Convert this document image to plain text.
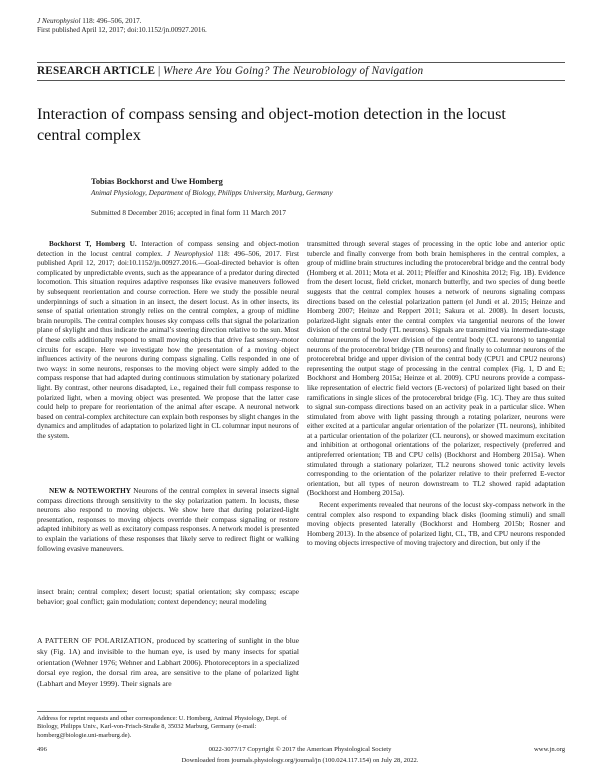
J Neurophysiol 118: 496–506, 2017.
First published April 12, 2017; doi:10.1152/jn.00927.2016.
RESEARCH ARTICLE | Where Are You Going? The Neurobiology of Navigation
Interaction of compass sensing and object-motion detection in the locust central complex
Tobias Bockhorst and Uwe Homberg
Animal Physiology, Department of Biology, Philipps University, Marburg, Germany
Submitted 8 December 2016; accepted in final form 11 March 2017

Bockhorst T, Homberg U. Interaction of compass sensing and object-motion detection in the locust central complex. J Neurophysiol 118: 496–506, 2017. First published April 12, 2017; doi:10.1152/jn.00927.2016.—Goal-directed behavior is often complicated by unpredictable events, such as the appearance of a predator during directed locomotion. This situation requires adaptive responses like evasive maneuvers followed by subsequent reorientation and course correction. Here we study the possible neural underpinnings of such a situation in an insect, the desert locust. As in other insects, its sense of spatial orientation strongly relies on the central complex, a group of midline brain neuropils. The central complex houses sky compass cells that signal the polarization plane of skylight and thus indicate the animal’s steering direction relative to the sun. Most of these cells additionally respond to small moving objects that drive fast sensory-motor circuits for escape. Here we investigate how the presentation of a moving object influences activity of the neurons during compass signaling. Cells responded in one of two ways: in some neurons, responses to the moving object were simply added to the compass response that had adapted during continuous stimulation by stationary polarized light. By contrast, other neurons disadapted, i.e., regained their full compass response to polarized light, when a moving object was presented. We propose that the latter case could help to prepare for reorientation of the animal after escape. A neuronal network based on central-complex architecture can explain both responses by slight changes in the dynamics and amplitudes of adaptation to polarized light in CL columnar input neurons of the system.

NEW & NOTEWORTHY Neurons of the central complex in several insects signal compass directions through sensitivity to the sky polarization pattern. In locusts, these neurons also respond to moving objects. We show here that during polarized-light presentation, responses to moving objects override their compass signaling or restore adapted inhibitory as well as excitatory compass responses. A network model is presented to explain the variations of these responses that likely serve to redirect flight or walking following evasive maneuvers.

insect brain; central complex; desert locust; spatial orientation; sky compass; escape behavior; goal conflict; gain modulation; context dependency; neural modeling
A PATTERN OF POLARIZATION, produced by scattering of sunlight in the blue sky (Fig. 1A) and invisible to the human eye, is used by many insects for spatial orientation (Wehner 1976; Wehner and Labhart 2006). Photoreceptors in a specialized dorsal eye region, the dorsal rim area, are sensitive to the plane of polarized light (Labhart and Meyer 1999). Their signals are
Address for reprint requests and other correspondence: U. Homberg, Animal Physiology, Dept. of Biology, Philipps Univ., Karl-von-Frisch-Straße 8, 35032 Marburg, Germany (e-mail: homberg@biologie.uni-marburg.de).

transmitted through several stages of processing in the optic lobe and anterior optic tubercle and finally converge from both brain hemispheres in the central complex, a group of midline brain structures including the protocerebral bridge and the central body (Homberg et al. 2011; Mota et al. 2011; Pfeiffer and Kinoshita 2012; Fig. 1B). Evidence from the desert locust, field cricket, monarch butterfly, and two species of dung beetle suggests that the central complex houses a network of neurons signaling compass directions based on the celestial polarization pattern (el Jundi et al. 2015; Heinze and Homberg 2007; Heinze and Reppert 2011; Sakura et al. 2008). In desert locusts, polarized-light signals enter the central complex via tangential neurons of the lower division of the central body (TL neurons). Signals are transmitted via intermediate-stage columnar neurons of the lower division of the central body (CL neurons) to tangential neurons of the protocerebral bridge (TB neurons) and finally to columnar neurons of the protocerebral bridge and upper division of the central body (CPU1 and CPU2 neurons) representing the output stage of processing in the central complex (Fig. 1, D and E; Bockhorst and Homberg 2015a; Heinze et al. 2009). CPU neurons provide a compass-like representation of electric field vectors (E-vectors) of polarized light based on their ramifications in single slices of the protocerebral bridge (Fig. 1C). They are thus suited to signal sun-compass directions based on an activity peak in a particular slice. When stimulated from above with light passing through a rotating polarizer, neurons were either excited at a particular angular orientation of the polarizer (TL neurons), inhibited at a particular orientation of the polarizer (CL neurons), or showed maximum excitation and inhibition at orthogonal orientations of the polarizer, respectively (preferred and antipreferred orientation; TB and CPU cells) (Bockhorst and Homberg 2015a). When stimulated through a stationary polarizer, TL2 neurons showed tonic activity levels corresponding to the orientation of the polarizer relative to their preferred E-vector orientation, but all types of neuron downstream to TL2 showed rapid adaptation (Bockhorst and Homberg 2015a).

Recent experiments revealed that neurons of the locust sky-compass network in the central complex also respond to expanding black disks (looming stimuli) and small moving objects presented laterally (Bockhorst and Homberg 2015b; Rosner and Homberg 2013). In the absence of polarized light, CL, TB, and CPU neurons responded to moving objects irrespective of moving trajectory and direction, but only if the

496	0022-3077/17 Copyright © 2017 the American Physiological Society	www.jn.org
Downloaded from journals.physiology.org/journal/jn (100.024.117.154) on July 28, 2022.
